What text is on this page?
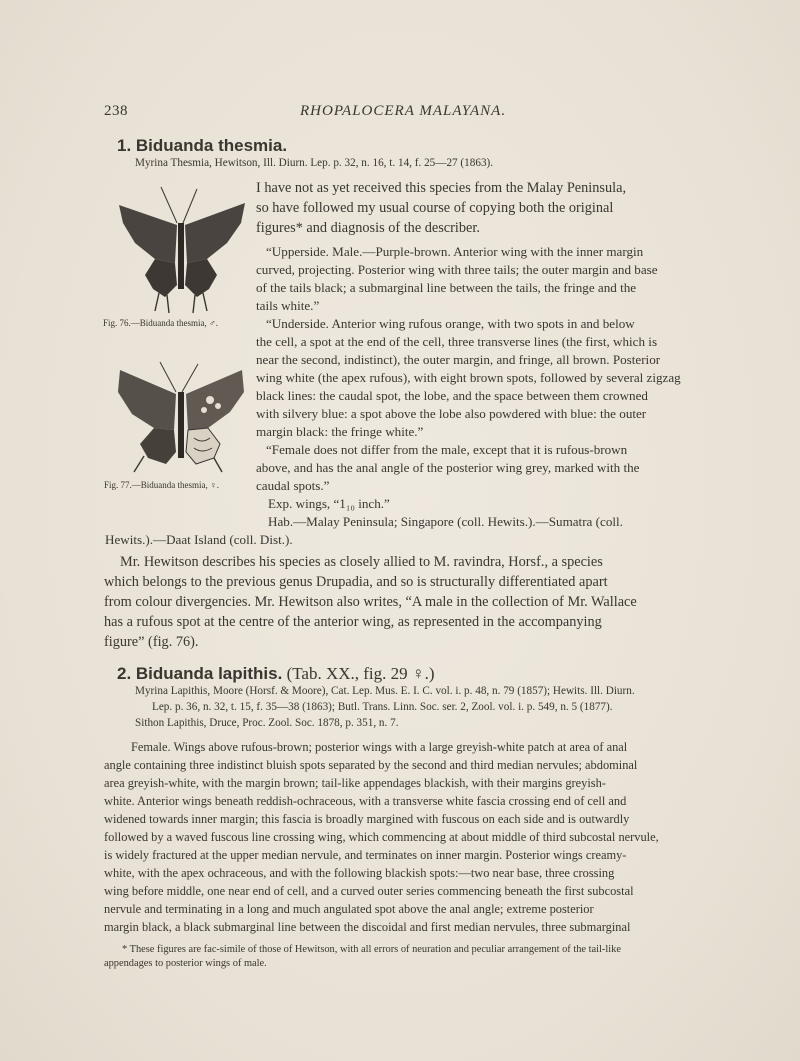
238	RHOPALOCERA MALAYANA.
1. Biduanda thesmia.
Myrina Thesmia, Hewitson, Ill. Diurn. Lep. p. 32, n. 16, t. 14, f. 25—27 (1863).
Fig. 76.—Biduanda thesmia, ♂.
Fig. 77.—Biduanda thesmia, ♀.
I have not as yet received this species from the Malay Peninsula,
so have followed my usual course of copying both the original
figures* and diagnosis of the describer.
“Upperside. Male.—Purple-brown. Anterior wing with the inner margin
curved, projecting. Posterior wing with three tails; the outer margin and base
of the tails black; a submarginal line between the tails, the fringe and the
tails white.”
“Underside. Anterior wing rufous orange, with two spots in and below
the cell, a spot at the end of the cell, three transverse lines (the first, which is
near the second, indistinct), the outer margin, and fringe, all brown. Posterior
wing white (the apex rufous), with eight brown spots, followed by several zigzag
black lines: the caudal spot, the lobe, and the space between them crowned
with silvery blue: a spot above the lobe also powdered with blue: the outer
margin black: the fringe white.”
“Female does not differ from the male, except that it is rufous-brown
above, and has the anal angle of the posterior wing grey, marked with the
caudal spots.”
Exp. wings, “1₁₀ inch.”
Hab.—Malay Peninsula; Singapore (coll. Hewits.).—Sumatra (coll.
Hewits.).—Daat Island (coll. Dist.).
Mr. Hewitson describes his species as closely allied to M. ravindra, Horsf., a species
which belongs to the previous genus Drupadia, and so is structurally differentiated apart
from colour divergencies. Mr. Hewitson also writes, “A male in the collection of Mr. Wallace
has a rufous spot at the centre of the anterior wing, as represented in the accompanying
figure” (fig. 76).
2. Biduanda lapithis. (Tab. XX., fig. 29 ♀.)
Myrina Lapithis, Moore (Horsf. & Moore), Cat. Lep. Mus. E. I. C. vol. i. p. 48, n. 79 (1857); Hewits. Ill. Diurn.
Lep. p. 36, n. 32, t. 15, f. 35—38 (1863); Butl. Trans. Linn. Soc. ser. 2, Zool. vol. i. p. 549, n. 5 (1877).
Sithon Lapithis, Druce, Proc. Zool. Soc. 1878, p. 351, n. 7.
Female. Wings above rufous-brown; posterior wings with a large greyish-white patch at area of anal
angle containing three indistinct bluish spots separated by the second and third median nervules; abdominal
area greyish-white, with the margin brown; tail-like appendages blackish, with their margins greyish-
white. Anterior wings beneath reddish-ochraceous, with a transverse white fascia crossing end of cell and
widened towards inner margin; this fascia is broadly margined with fuscous on each side and is outwardly
followed by a waved fuscous line crossing wing, which commencing at about middle of third subcostal nervule,
is widely fractured at the upper median nervule, and terminates on inner margin. Posterior wings creamy-
white, with the apex ochraceous, and with the following blackish spots:—two near base, three crossing
wing before middle, one near end of cell, and a curved outer series commencing beneath the first subcostal
nervule and terminating in a long and much angulated spot above the anal angle; extreme posterior
margin black, a black submarginal line between the discoidal and first median nervules, three submarginal
* These figures are fac-simile of those of Hewitson, with all errors of neuration and peculiar arrangement of the tail-like
appendages to posterior wings of male.
